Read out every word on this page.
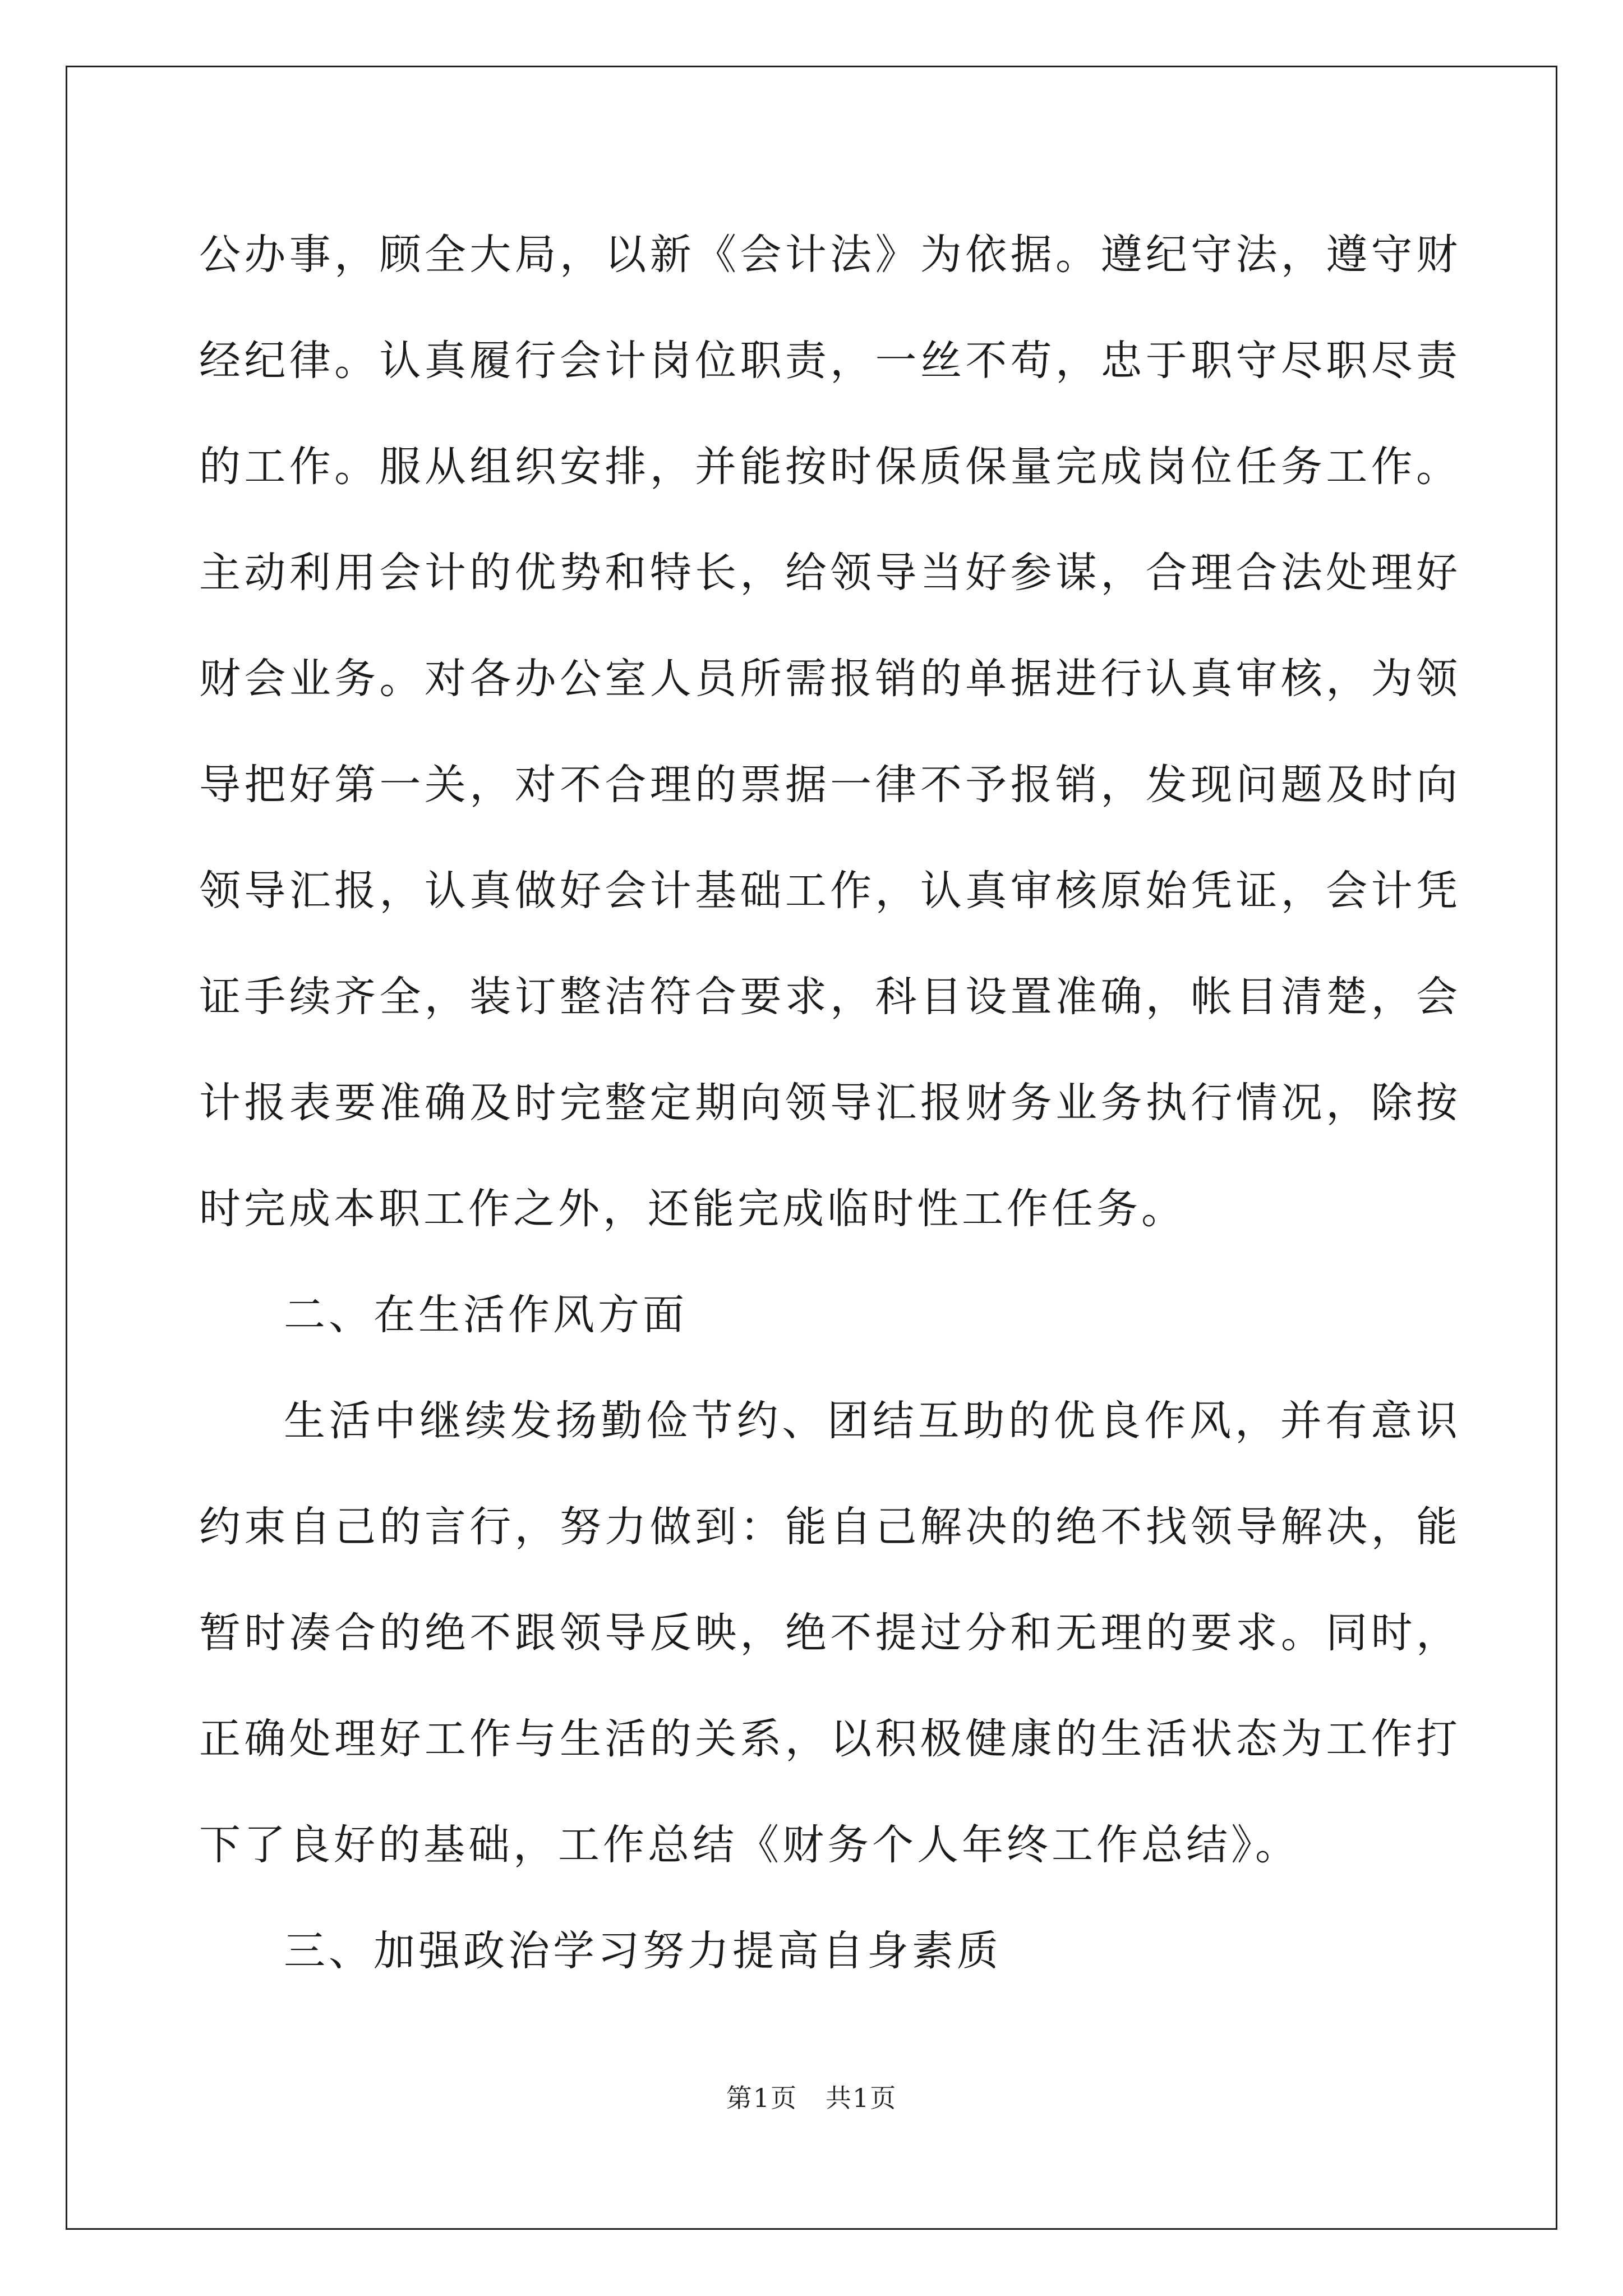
公办事，顾全大局，以新《会计法》为依据。遵纪守法，遵守财经纪律。认真履行会计岗位职责，一丝不苟，忠于职守尽职尽责的工作。服从组织安排，并能按时保质保量完成岗位任务工作。主动利用会计的优势和特长，给领导当好参谋，合理合法处理好财会业务。对各办公室人员所需报销的单据进行认真审核，为领导把好第一关，对不合理的票据一律不予报销，发现问题及时向领导汇报，认真做好会计基础工作，认真审核原始凭证，会计凭证手续齐全，装订整洁符合要求，科目设置准确，帐目清楚，会计报表要准确及时完整定期向领导汇报财务业务执行情况，除按时完成本职工作之外，还能完成临时性工作任务。

二、在生活作风方面

生活中继续发扬勤俭节约、团结互助的优良作风，并有意识约束自己的言行，努力做到：能自己解决的绝不找领导解决，能暂时凑合的绝不跟领导反映，绝不提过分和无理的要求。同时，正确处理好工作与生活的关系，以积极健康的生活状态为工作打下了良好的基础，工作总结《财务个人年终工作总结》。

三、加强政治学习努力提高自身素质

第1页 共1页
